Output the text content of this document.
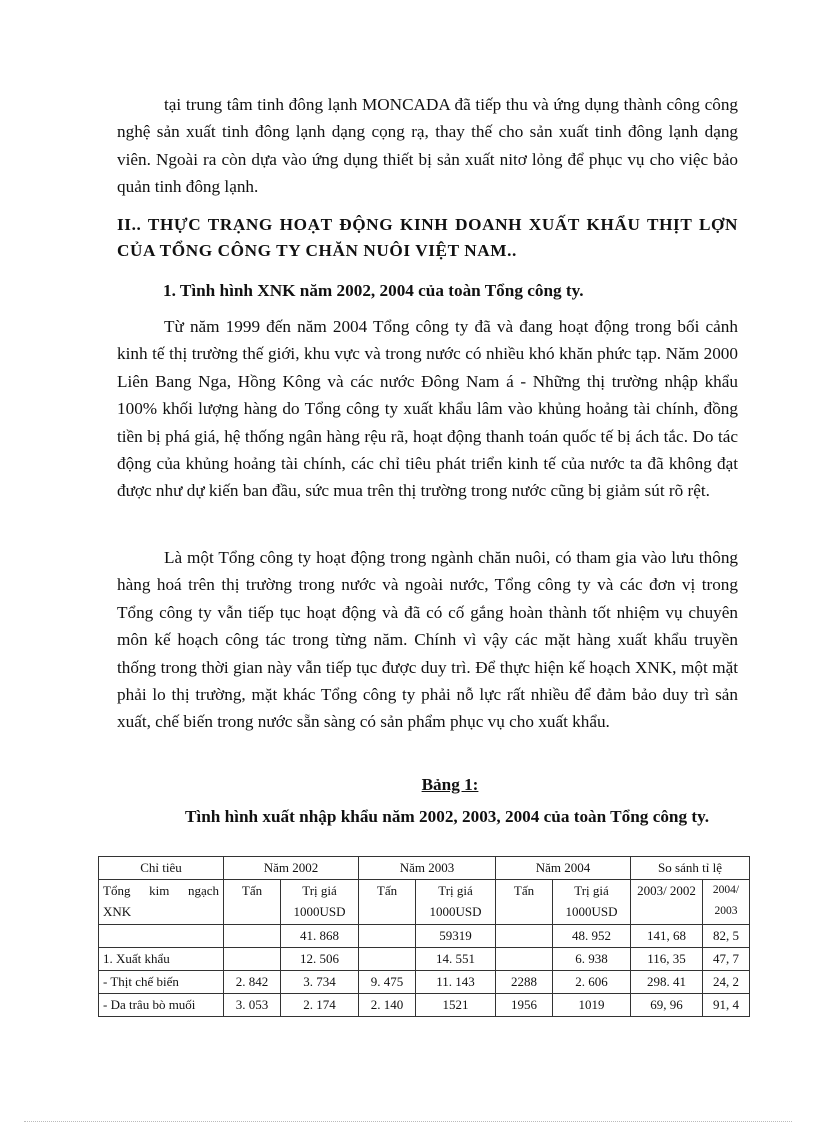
tại trung tâm tinh đông lạnh MONCADA đã tiếp thu và ứng dụng thành công công nghệ sản xuất tinh đông lạnh dạng cọng rạ, thay thế cho sản xuất tinh đông lạnh dạng viên. Ngoài ra còn dựa vào ứng dụng thiết bị sản xuất nitơ lỏng để phục vụ cho việc bảo quản tinh đông lạnh.

II.. THỰC TRẠNG HOẠT ĐỘNG KINH DOANH XUẤT KHẨU THỊT LỢN CỦA TỔNG CÔNG TY CHĂN NUÔI VIỆT NAM..

1. Tình hình XNK năm 2002, 2004 của toàn Tổng công ty.

Từ năm 1999 đến năm 2004 Tổng công ty đã và đang hoạt động trong bối cảnh kinh tế thị trường thế giới, khu vực và trong nước có nhiều khó khăn phức tạp. Năm 2000 Liên Bang Nga, Hồng Kông và các nước Đông Nam á - Những thị trường nhập khẩu 100% khối lượng hàng do Tổng công ty xuất khẩu lâm vào khủng hoảng tài chính, đồng tiền bị phá giá, hệ thống ngân hàng rệu rã, hoạt động thanh toán quốc tế bị ách tắc. Do tác động của khủng hoảng tài chính, các chỉ tiêu phát triển kinh tế của nước ta đã không đạt được như dự kiến ban đầu, sức mua trên thị trường trong nước cũng bị giảm sút rõ rệt.

Là một Tổng công ty hoạt động trong ngành chăn nuôi, có tham gia vào lưu thông hàng hoá trên thị trường trong nước và ngoài nước, Tổng công ty và các đơn vị trong Tổng công ty vẫn tiếp tục hoạt động và đã có cố gắng hoàn thành tốt nhiệm vụ chuyên môn kế hoạch công tác trong từng năm. Chính vì vậy các mặt hàng xuất khẩu truyền thống trong thời gian này vẫn tiếp tục được duy trì. Để thực hiện kế hoạch XNK, một mặt phải lo thị trường, mặt khác Tổng công ty phải nỗ lực rất nhiều để đảm bảo duy trì sản xuất, chế biến trong nước sẵn sàng có sản phẩm phục vụ cho xuất khẩu.

Bảng 1:
Tình hình xuất nhập khẩu năm 2002, 2003, 2004 của toàn Tổng công ty.
Chỉ tiêu	Năm 2002		Năm 2003		Năm 2004		So sánh tỉ lệ	
Tổng kim ngạch XNK	Tấn	Trị giá 1000USD	Tấn	Trị giá 1000USD	Tấn	Trị giá 1000USD	2003/ 2002	2004/ 2003
		41. 868		59319		48. 952	141, 68	82, 5
1. Xuất khẩu		12. 506		14. 551		6. 938	116, 35	47, 7
- Thịt chế biến	2. 842	3. 734	9. 475	11. 143	2288	2. 606	298. 41	24, 2
- Da trâu bò muối	3. 053	2. 174	2. 140	1521	1956	1019	69, 96	91, 4
